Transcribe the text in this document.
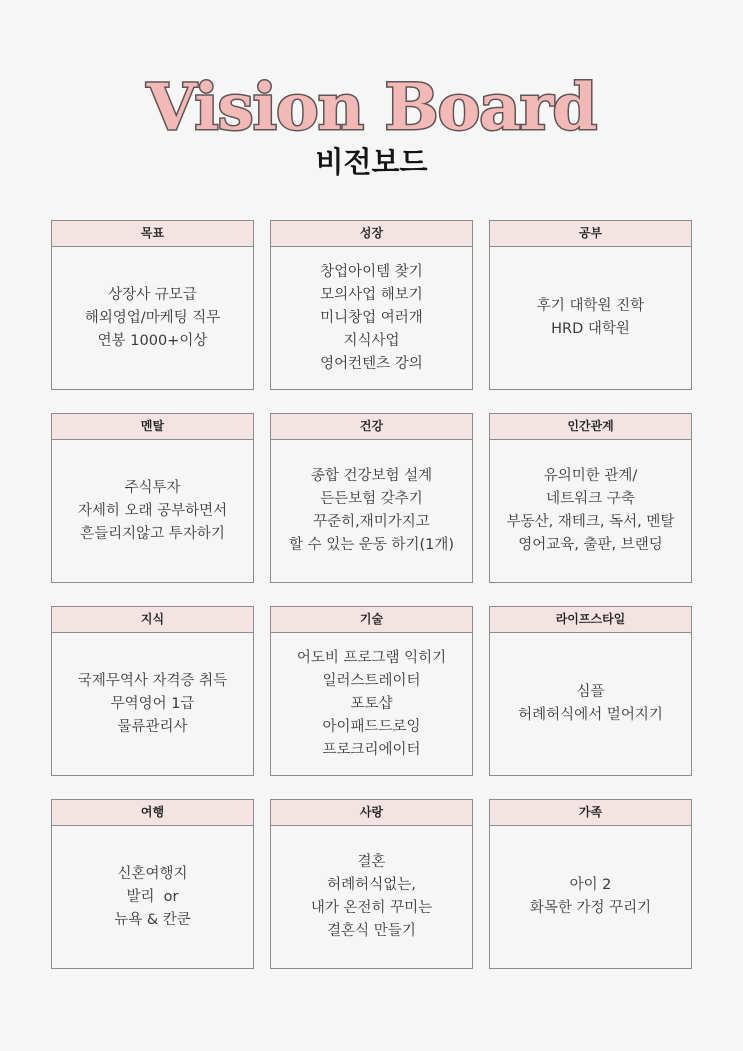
Vision Board
비전보드
목표
상장사 규모급
해외영업/마케팅 직무
연봉 1000+이상
성장
창업아이템 찾기
모의사업 해보기
미니창업 여러개
지식사업
영어컨텐츠 강의
공부
후기 대학원 진학
HRD 대학원
멘탈
주식투자
자세히 오래 공부하면서
흔들리지않고 투자하기
건강
종합 건강보험 설계
든든보험 갖추기
꾸준히,재미가지고
할 수 있는 운동 하기(1개)
인간관계
유의미한 관계/
네트워크 구축
부동산, 재테크, 독서, 멘탈
영어교육, 출판, 브랜딩
지식
국제무역사 자격증 취득
무역영어 1급
물류관리사
기술
어도비 프로그램 익히기
일러스트레이터
포토샵
아이패드드로잉
프로크리에이터
라이프스타일
심플
허례허식에서 멀어지기
여행
신혼여행지
발리  or
뉴욕 & 칸쿤
사랑
결혼
허례허식없는,
내가 온전히 꾸미는
결혼식 만들기
가족
아이 2
화목한 가정 꾸리기
